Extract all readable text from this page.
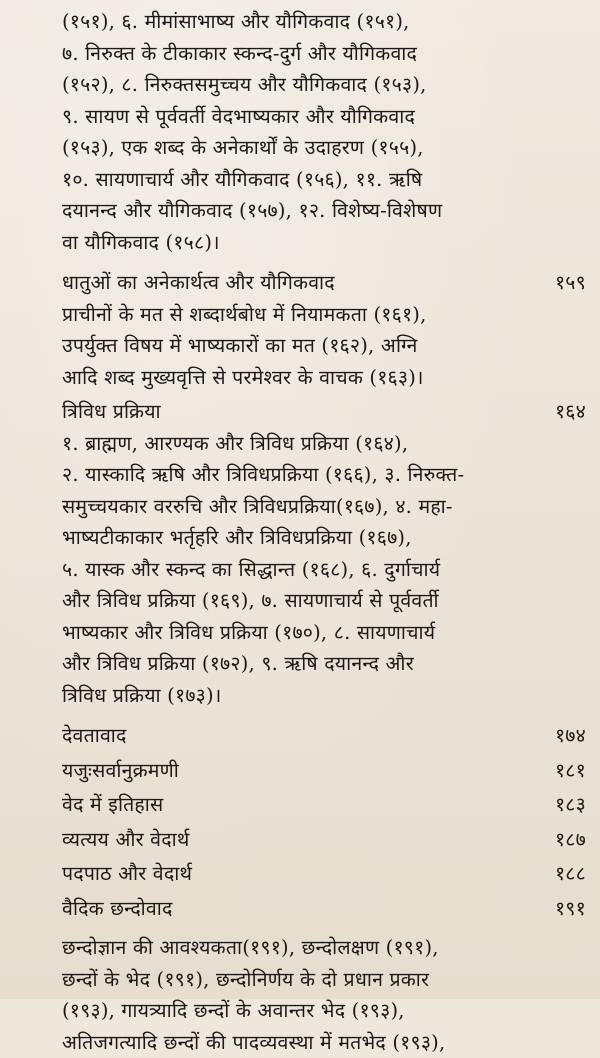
(१५१), ६. मीमांसाभाष्य और यौगिकवाद (१५१),
७. निरुक्त के टीकाकार स्कन्द-दुर्ग और यौगिकवाद
(१५२), ८. निरुक्तसमुच्चय और यौगिकवाद (१५३),
९. सायण से पूर्ववर्ती वेदभाष्यकार और यौगिकवाद
(१५३), एक शब्द के अनेकार्थों के उदाहरण (१५५),
१०. सायणाचार्य और यौगिकवाद (१५६), ११. ऋषि
दयानन्द और यौगिकवाद (१५७), १२. विशेष्य-विशेषण
वा यौगिकवाद (१५८)।
धातुओं का अनेकार्थत्व और यौगिकवाद	१५९
प्राचीनों के मत से शब्दार्थबोध में नियामकता (१६१),
उपर्युक्त विषय में भाष्यकारों का मत (१६२), अग्नि
आदि शब्द मुख्यवृत्ति से परमेश्वर के वाचक (१६३)।
त्रिविध प्रक्रिया	१६४
१. ब्राह्मण, आरण्यक और त्रिविध प्रक्रिया (१६४),
२. यास्कादि ऋषि और त्रिविधप्रक्रिया (१६६), ३. निरुक्त-
समुच्चयकार वररुचि और त्रिविधप्रक्रिया(१६७), ४. महा-
भाष्यटीकाकार भर्तृहरि और त्रिविधप्रक्रिया (१६७),
५. यास्क और स्कन्द का सिद्धान्त (१६८), ६. दुर्गाचार्य
और त्रिविध प्रक्रिया (१६९), ७. सायणाचार्य से पूर्ववर्ती
भाष्यकार और त्रिविध प्रक्रिया (१७०), ८. सायणाचार्य
और त्रिविध प्रक्रिया (१७२), ९. ऋषि दयानन्द और
त्रिविध प्रक्रिया (१७३)।
देवतावाद	१७४
यजुःसर्वानुक्रमणी	१८१
वेद में इतिहास	१८३
व्यत्यय और वेदार्थ	१८७
पदपाठ और वेदार्थ	१८८
वैदिक छन्दोवाद	१९१
छन्दोज्ञान की आवश्यकता(१९१), छन्दोलक्षण (१९१),
छन्दों के भेद (१९१), छन्दोनिर्णय के दो प्रधान प्रकार
(१९३), गायत्र्यादि छन्दों के अवान्तर भेद (१९३),
अतिजगत्यादि छन्दों की पादव्यवस्था में मतभेद (१९३),
